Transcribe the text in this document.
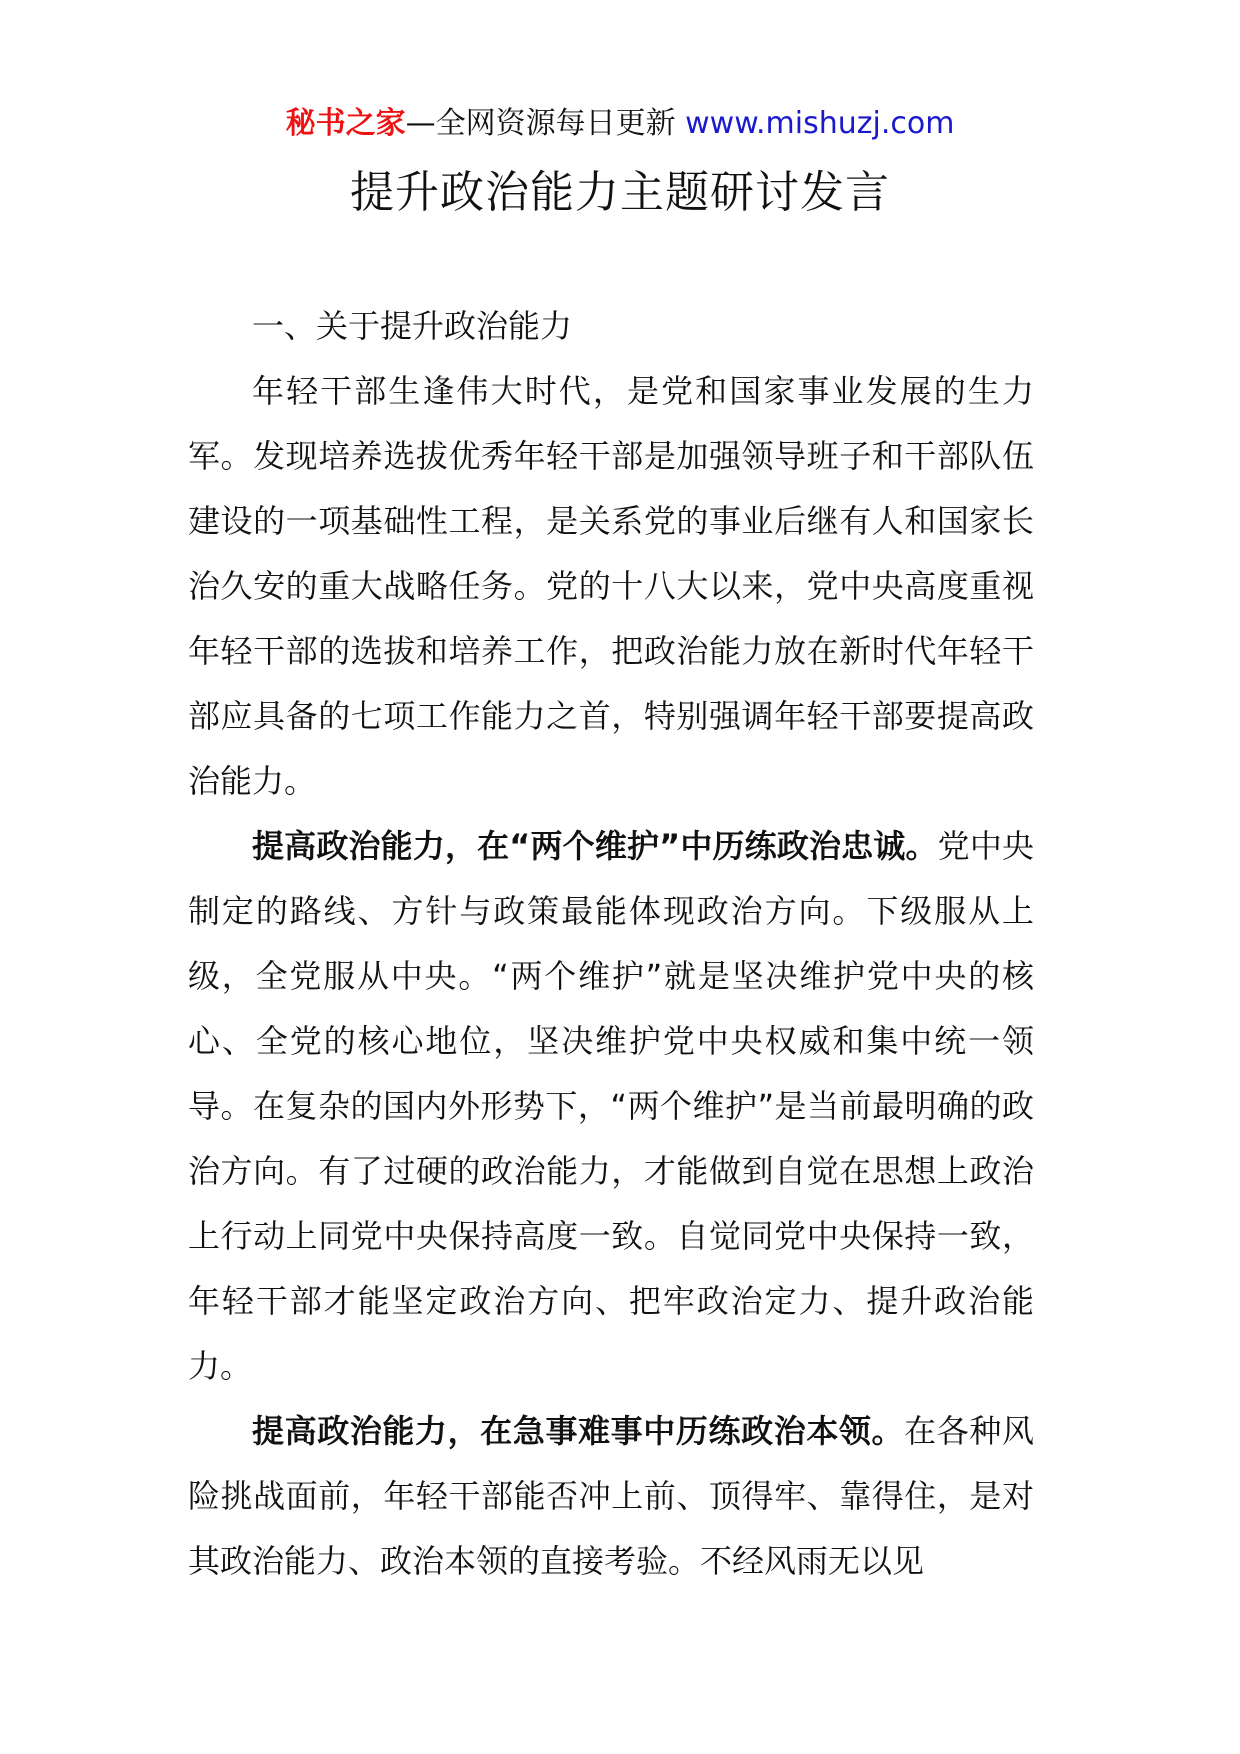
秘书之家—全网资源每日更新 www.mishuzj.com
提升政治能力主题研讨发言

一、关于提升政治能力

年轻干部生逢伟大时代，是党和国家事业发展的生力军。发现培养选拔优秀年轻干部是加强领导班子和干部队伍建设的一项基础性工程，是关系党的事业后继有人和国家长治久安的重大战略任务。党的十八大以来，党中央高度重视年轻干部的选拔和培养工作，把政治能力放在新时代年轻干部应具备的七项工作能力之首，特别强调年轻干部要提高政治能力。

提高政治能力，在“两个维护”中历练政治忠诚。党中央制定的路线、方针与政策最能体现政治方向。下级服从上级，全党服从中央。“两个维护”就是坚决维护党中央的核心、全党的核心地位，坚决维护党中央权威和集中统一领导。在复杂的国内外形势下，“两个维护”是当前最明确的政治方向。有了过硬的政治能力，才能做到自觉在思想上政治上行动上同党中央保持高度一致。自觉同党中央保持一致，年轻干部才能坚定政治方向、把牢政治定力、提升政治能力。

提高政治能力，在急事难事中历练政治本领。在各种风险挑战面前，年轻干部能否冲上前、顶得牢、靠得住，是对其政治能力、政治本领的直接考验。不经风雨无以见
